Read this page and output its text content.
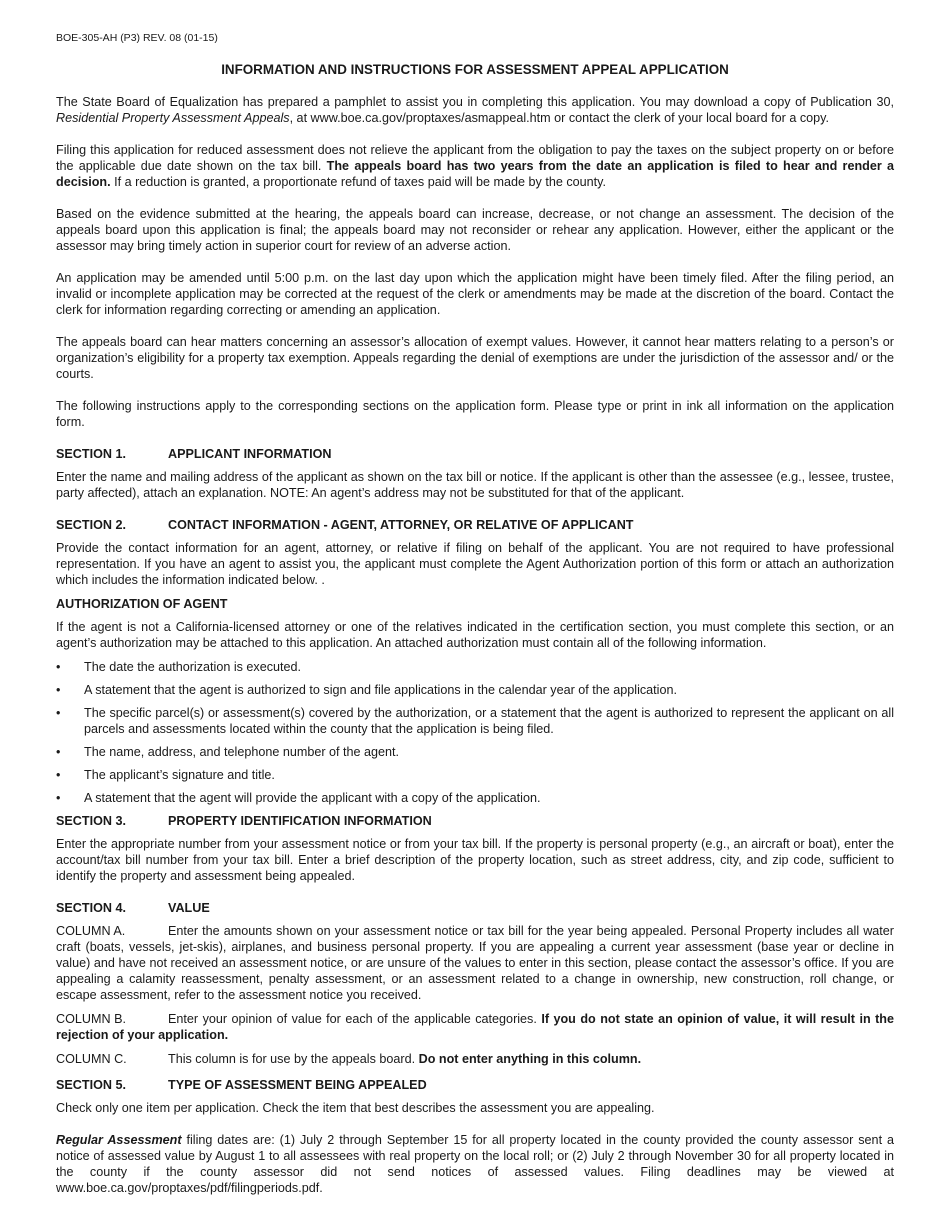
BOE-305-AH (P3) REV. 08 (01-15)
INFORMATION AND INSTRUCTIONS FOR ASSESSMENT APPEAL APPLICATION

The State Board of Equalization has prepared a pamphlet to assist you in completing this application. You may download a copy of Publication 30, Residential Property Assessment Appeals, at www.boe.ca.gov/proptaxes/asmappeal.htm or contact the clerk of your local board for a copy.

Filing this application for reduced assessment does not relieve the applicant from the obligation to pay the taxes on the subject property on or before the applicable due date shown on the tax bill. The appeals board has two years from the date an application is filed to hear and render a decision. If a reduction is granted, a proportionate refund of taxes paid will be made by the county.

Based on the evidence submitted at the hearing, the appeals board can increase, decrease, or not change an assessment. The decision of the appeals board upon this application is final; the appeals board may not reconsider or rehear any application. However, either the applicant or the assessor may bring timely action in superior court for review of an adverse action.

An application may be amended until 5:00 p.m. on the last day upon which the application might have been timely filed. After the filing period, an invalid or incomplete application may be corrected at the request of the clerk or amendments may be made at the discretion of the board. Contact the clerk for information regarding correcting or amending an application.

The appeals board can hear matters concerning an assessor’s allocation of exempt values. However, it cannot hear matters relating to a person’s or organization’s eligibility for a property tax exemption. Appeals regarding the denial of exemptions are under the jurisdiction of the assessor and/ or the courts.

The following instructions apply to the corresponding sections on the application form. Please type or print in ink all information on the application form.

SECTION 1.	APPLICANT INFORMATION

Enter the name and mailing address of the applicant as shown on the tax bill or notice. If the applicant is other than the assessee (e.g., lessee, trustee, party affected), attach an explanation. NOTE: An agent’s address may not be substituted for that of the applicant.

SECTION 2.	CONTACT INFORMATION - AGENT, ATTORNEY, OR RELATIVE OF APPLICANT

Provide the contact information for an agent, attorney, or relative if filing on behalf of the applicant. You are not required to have professional representation. If you have an agent to assist you, the applicant must complete the Agent Authorization portion of this form or attach an authorization which includes the information indicated below. .

AUTHORIZATION OF AGENT

If the agent is not a California-licensed attorney or one of the relatives indicated in the certification section, you must complete this section, or an agent’s authorization may be attached to this application. An attached authorization must contain all of the following information.

•	The date the authorization is executed.
•	A statement that the agent is authorized to sign and file applications in the calendar year of the application.
•	The specific parcel(s) or assessment(s) covered by the authorization, or a statement that the agent is authorized to represent the applicant on all parcels and assessments located within the county that the application is being filed.
•	The name, address, and telephone number of the agent.
•	The applicant’s signature and title.
•	A statement that the agent will provide the applicant with a copy of the application.
SECTION 3.	PROPERTY IDENTIFICATION INFORMATION

Enter the appropriate number from your assessment notice or from your tax bill. If the property is personal property (e.g., an aircraft or boat), enter the account/tax bill number from your tax bill. Enter a brief description of the property location, such as street address, city, and zip code, sufficient to identify the property and assessment being appealed.

SECTION 4.	VALUE

COLUMN A.	Enter the amounts shown on your assessment notice or tax bill for the year being appealed. Personal Property includes all water craft (boats, vessels, jet-skis), airplanes, and business personal property. If you are appealing a current year assessment (base year or decline in value) and have not received an assessment notice, or are unsure of the values to enter in this section, please contact the assessor’s office. If you are appealing a calamity reassessment, penalty assessment, or an assessment related to a change in ownership, new construction, roll change, or escape assessment, refer to the assessment notice you received.

COLUMN B.	Enter your opinion of value for each of the applicable categories. If you do not state an opinion of value, it will result in the rejection of your application.

COLUMN C.	This column is for use by the appeals board. Do not enter anything in this column.

SECTION 5.	TYPE OF ASSESSMENT BEING APPEALED

Check only one item per application. Check the item that best describes the assessment you are appealing.

Regular Assessment filing dates are: (1) July 2 through September 15 for all property located in the county provided the county assessor sent a notice of assessed value by August 1 to all assessees with real property on the local roll; or (2) July 2 through November 30 for all property located in the county if the county assessor did not send notices of assessed values. Filing deadlines may be viewed at www.boe.ca.gov/proptaxes/pdf/filingperiods.pdf.
